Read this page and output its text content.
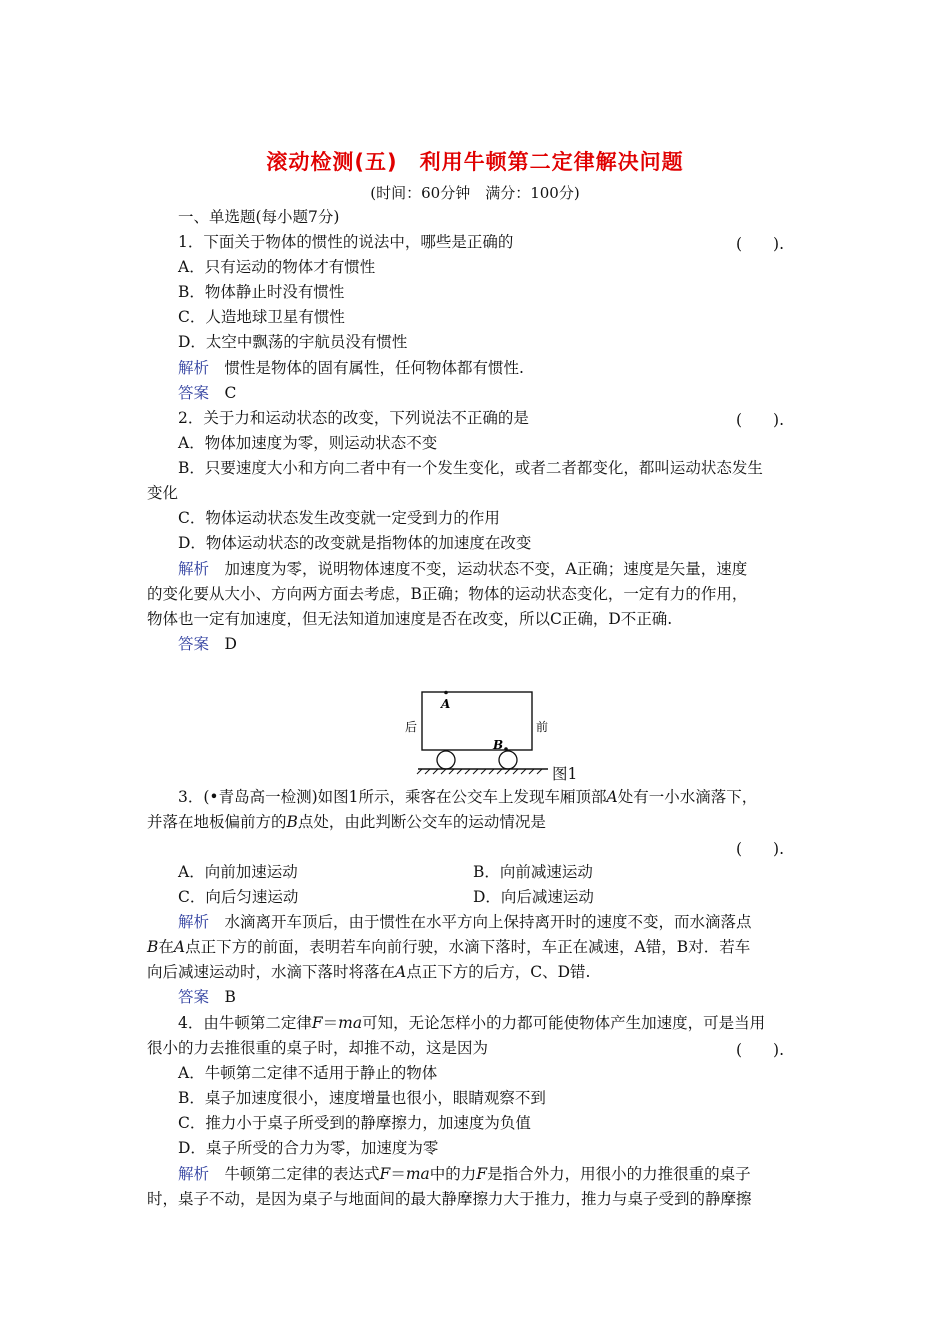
滚动检测(五)　利用牛顿第二定律解决问题
(时间：60分钟　满分：100分)
一、单选题(每小题7分)
1．下面关于物体的惯性的说法中，哪些是正确的	(　　).
A．只有运动的物体才有惯性
B．物体静止时没有惯性
C．人造地球卫星有惯性
D．太空中飘荡的宇航员没有惯性
解析　 惯性是物体的固有属性，任何物体都有惯性.
答案　 C
2．关于力和运动状态的改变，下列说法不正确的是	(　　).
A．物体加速度为零，则运动状态不变
B．只要速度大小和方向二者中有一个发生变化，或者二者都变化，都叫运动状态发生
变化
C．物体运动状态发生改变就一定受到力的作用
D．物体运动状态的改变就是指物体的加速度在改变
解析　 加速度为零，说明物体速度不变，运动状态不变，A正确；速度是矢量，速度
的变化要从大小、方向两方面去考虑，B正确；物体的运动状态变化，一定有力的作用，
物体也一定有加速度，但无法知道加速度是否在改变，所以C正确，D不正确.
答案　 D
A
B
后	前
图1
3．(•青岛高一检测)如图1所示，乘客在公交车上发现车厢顶部A处有一小水滴落下，
并落在地板偏前方的B点处，由此判断公交车的运动情况是
(　　).
A．向前加速运动	B．向前减速运动
C．向后匀速运动	D．向后减速运动
解析　 水滴离开车顶后，由于惯性在水平方向上保持离开时的速度不变，而水滴落点
B在A点正下方的前面，表明若车向前行驶，水滴下落时，车正在减速，A错，B对．若车
向后减速运动时，水滴下落时将落在A点正下方的后方，C、D错.
答案　 B
4．由牛顿第二定律F＝ma可知，无论怎样小的力都可能使物体产生加速度，可是当用
很小的力去推很重的桌子时，却推不动，这是因为	(　　).
A．牛顿第二定律不适用于静止的物体
B．桌子加速度很小，速度增量也很小，眼睛观察不到
C．推力小于桌子所受到的静摩擦力，加速度为负值
D．桌子所受的合力为零，加速度为零
解析　 牛顿第二定律的表达式F＝ma中的力F是指合外力，用很小的力推很重的桌子
时，桌子不动，是因为桌子与地面间的最大静摩擦力大于推力，推力与桌子受到的静摩擦
